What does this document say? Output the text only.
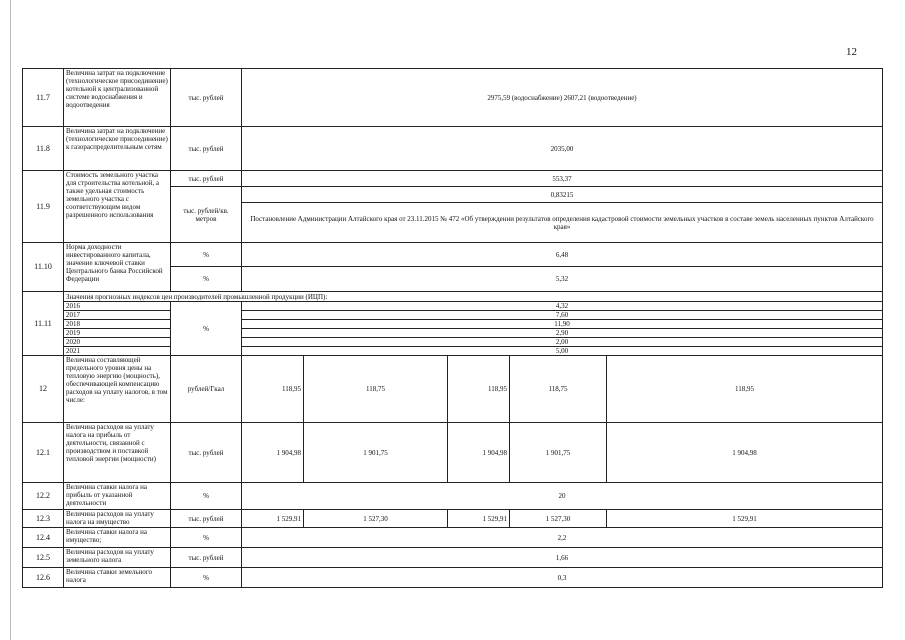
12
11.7	Величина затрат на подключение (технологическое присоединение) котельной к централизованной системе водоснабжения и водоотведения	тыс. рублей	2975,59 (водоснабжение) 2607,21 (водоотведение)				
11.8	Величина затрат на подключение (технологическое присоединение) к газораспределительным сетям	тыс. рублей	2035,00				
11.9	Стоимость земельного участка для строительства котельной, а также удельная стоимость земельного участка с соответствующим видом разрешенного использования	тыс. рублей	553,37				
		тыс. рублей/кв. метров	0,83215				
			Постановление Администрации Алтайского края от 23.11.2015 № 472 «Об утверждении результатов определения кадастровой стоимости земельных участков в составе земель населенных пунктов Алтайского края»				
11.10	Норма доходности инвестированного капитала, значение ключевой ставки Центрального банка Российской Федерации	%	6,48				
		%	5,32				
11.11	Значения прогнозных индексов цен производителей промышленной продукции (ИЦП):						
	2016	%	4,32				
	2017		7,60				
	2018		11,90				
	2019		2,90				
	2020		2,00				
	2021		5,00				
12	Величина составляющей предельного уровня цены на тепловую энергию (мощность), обеспечивающей компенсацию расходов на уплату налогов, в том числе:	рублей/Гкал	118,95	118,75	118,95	118,75	118,95
12.1	Величина расходов на уплату налога на прибыль от деятельности, связанной с производством и поставкой тепловой энергии (мощности)	тыс. рублей	1 904,98	1 901,75	1 904,98	1 901,75	1 904,98
12.2	Величина ставки налога на прибыль от указанной деятельности	%	20				
12.3	Величина расходов на уплату налога на имущество	тыс. рублей	1 529,91	1 527,30	1 529,91	1 527,30	1 529,91
12.4	Величина ставки налога на имущество;	%	2,2				
12.5	Величина расходов на уплату земельного налога	тыс. рублей	1,66				
12.6	Величина ставки земельного налога	%	0,3				
